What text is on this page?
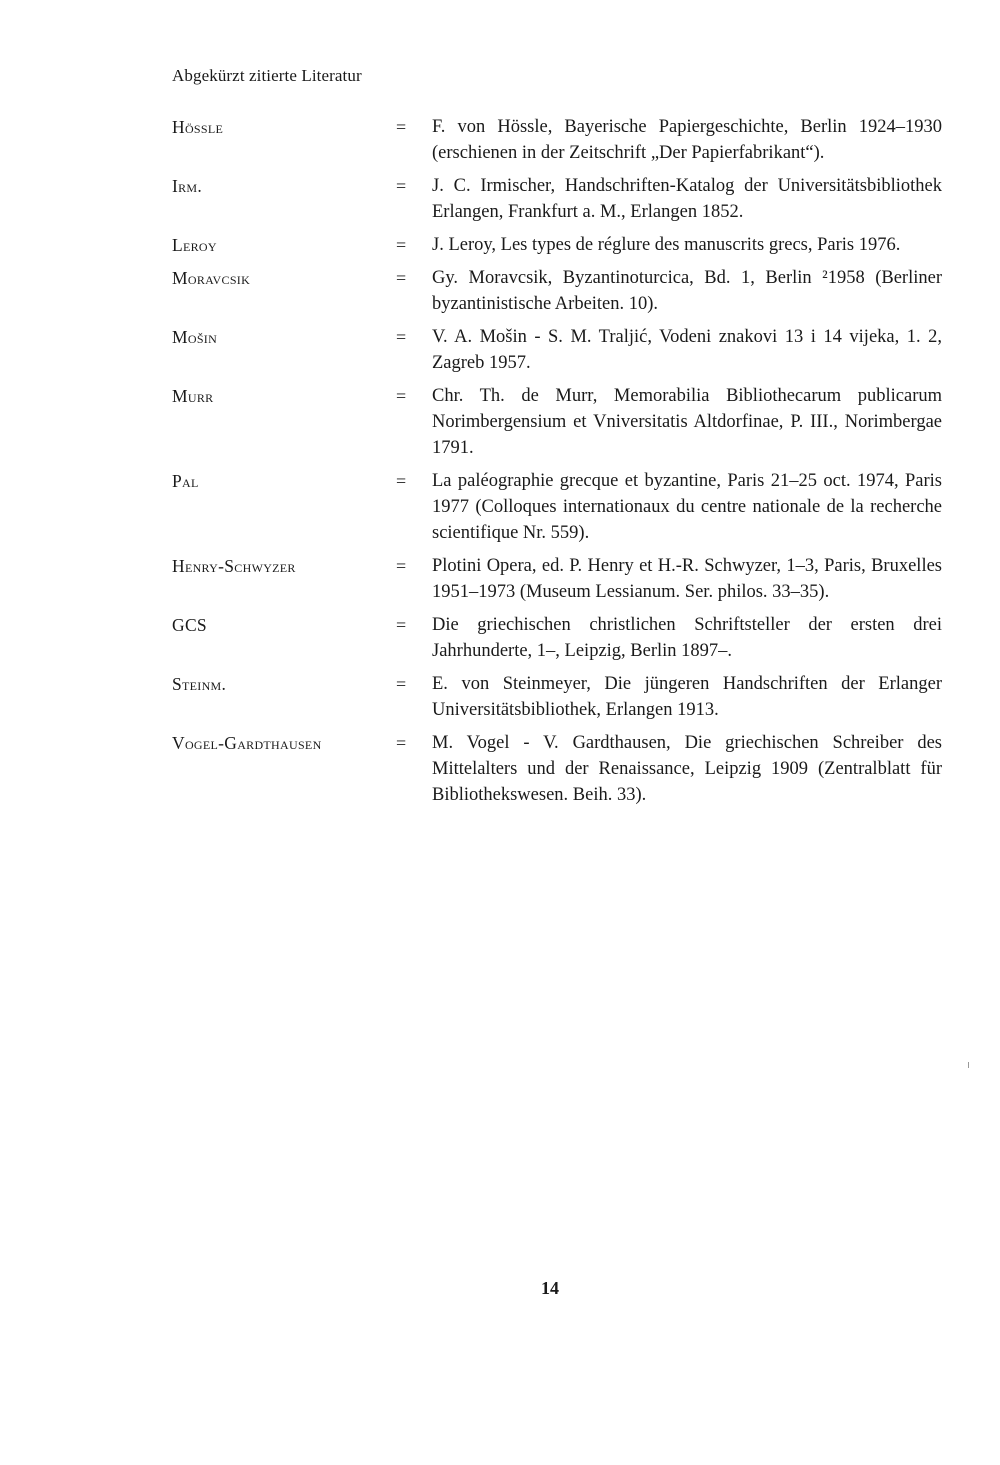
Abgekürzt zitierte Literatur
Hössle	=	F. von Hössle, Bayerische Papiergeschichte, Berlin 1924–1930 (erschienen in der Zeitschrift „Der Papierfabrikant“).
Irm.	=	J. C. Irmischer, Handschriften-Katalog der Universitätsbibliothek Erlangen, Frankfurt a. M., Erlangen 1852.
Leroy	=	J. Leroy, Les types de réglure des manuscrits grecs, Paris 1976.
Moravcsik	=	Gy. Moravcsik, Byzantinoturcica, Bd. 1, Berlin ²1958 (Berliner byzantinistische Arbeiten. 10).
Mošin	=	V. A. Mošin - S. M. Traljić, Vodeni znakovi 13 i 14 vijeka, 1. 2, Zagreb 1957.
Murr	=	Chr. Th. de Murr, Memorabilia Bibliothecarum publicarum Norimbergensium et Vniversitatis Altdorfinae, P. III., Norimbergae 1791.
Pal	=	La paléographie grecque et byzantine, Paris 21–25 oct. 1974, Paris 1977 (Colloques internationaux du centre nationale de la recherche scientifique Nr. 559).
Henry-Schwyzer	=	Plotini Opera, ed. P. Henry et H.-R. Schwyzer, 1–3, Paris, Bruxelles 1951–1973 (Museum Lessianum. Ser. philos. 33–35).
GCS	=	Die griechischen christlichen Schriftsteller der ersten drei Jahrhunderte, 1–, Leipzig, Berlin 1897–.
Steinm.	=	E. von Steinmeyer, Die jüngeren Handschriften der Erlanger Universitätsbibliothek, Erlangen 1913.
Vogel-Gardthausen	=	M. Vogel - V. Gardthausen, Die griechischen Schreiber des Mittelalters und der Renaissance, Leipzig 1909 (Zentralblatt für Bibliothekswesen. Beih. 33).
14
